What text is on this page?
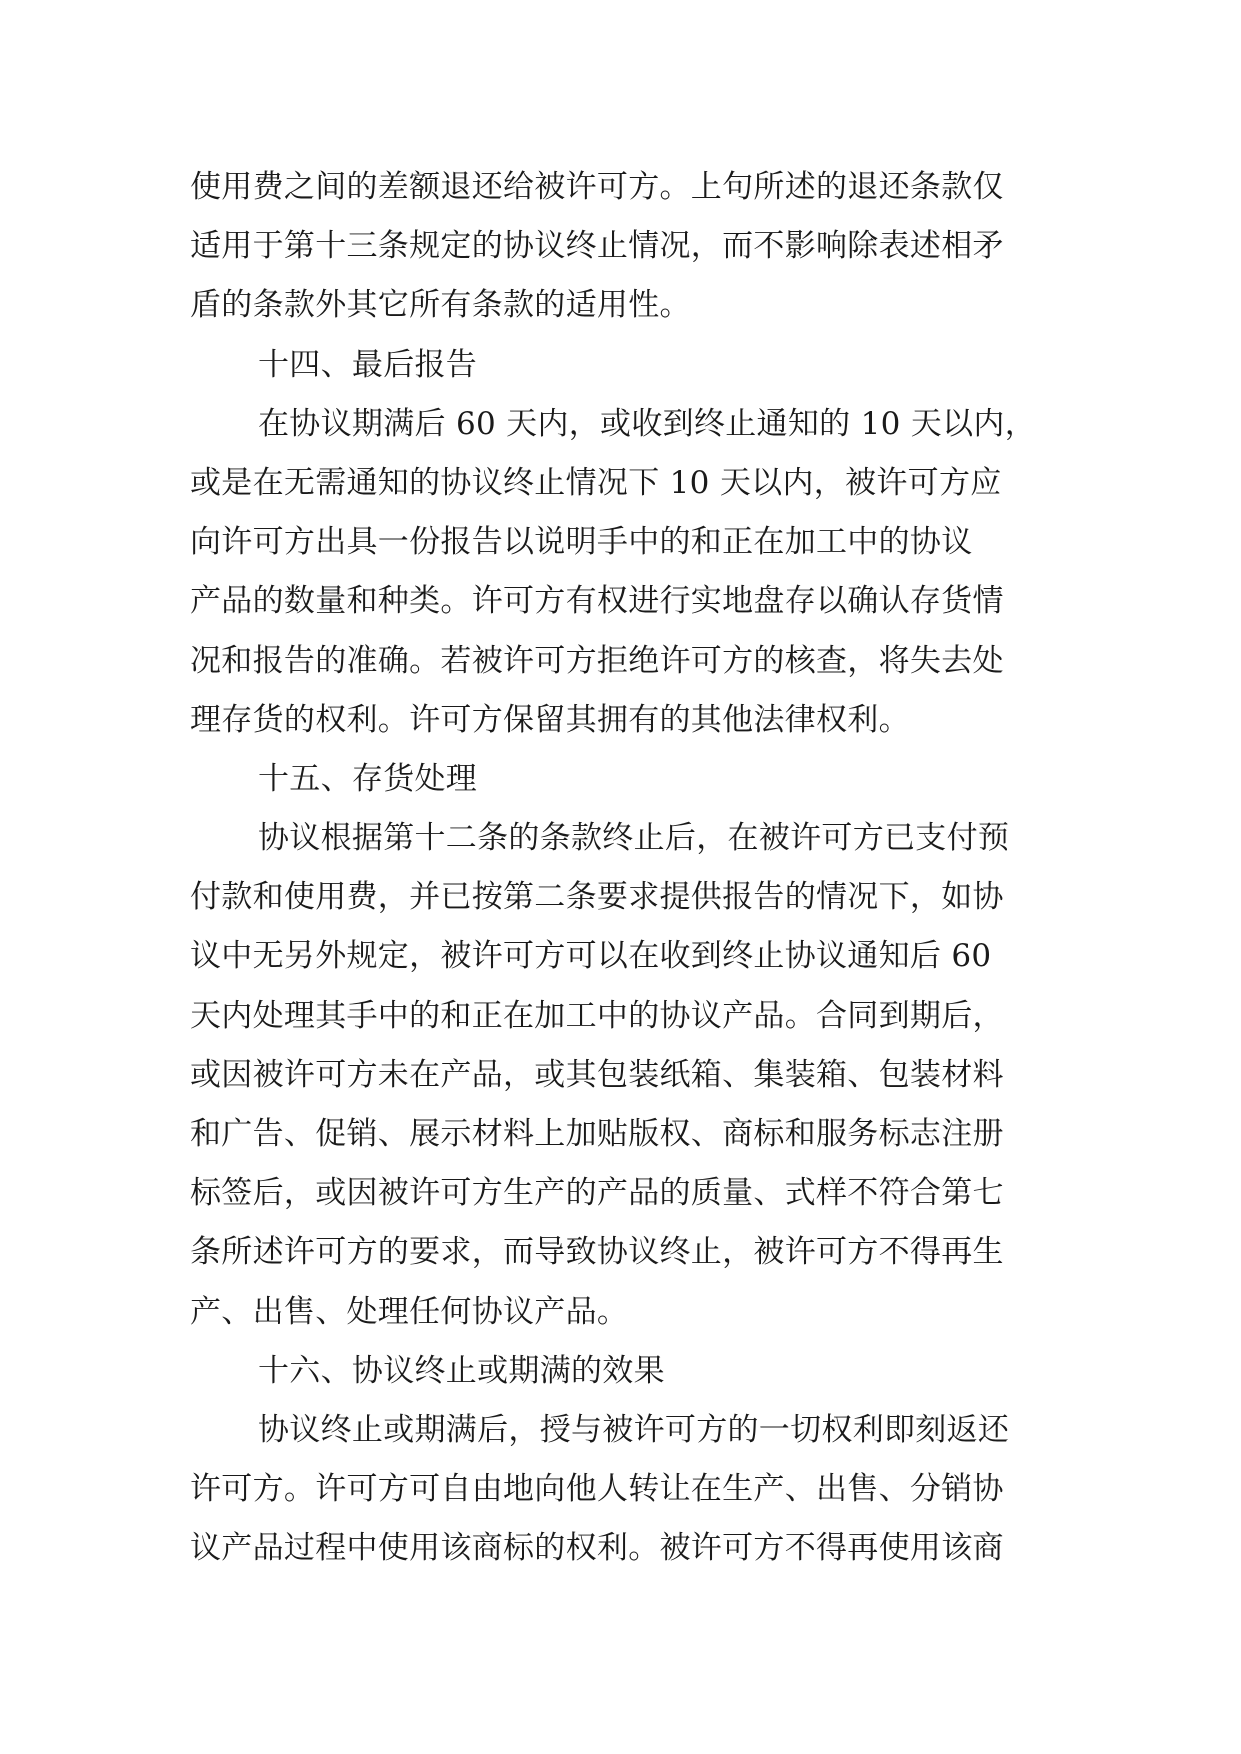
使用费之间的差额退还给被许可方。上句所述的退还条款仅
适用于第十三条规定的协议终止情况，而不影响除表述相矛
盾的条款外其它所有条款的适用性。
十四、最后报告
在协议期满后 60 天内，或收到终止通知的 10 天以内，
或是在无需通知的协议终止情况下 10 天以内，被许可方应
向许可方出具一份报告以说明手中的和正在加工中的协议
产品的数量和种类。许可方有权进行实地盘存以确认存货情
况和报告的准确。若被许可方拒绝许可方的核查，将失去处
理存货的权利。许可方保留其拥有的其他法律权利。
十五、存货处理
协议根据第十二条的条款终止后，在被许可方已支付预
付款和使用费，并已按第二条要求提供报告的情况下，如协
议中无另外规定，被许可方可以在收到终止协议通知后 60
天内处理其手中的和正在加工中的协议产品。合同到期后，
或因被许可方未在产品，或其包装纸箱、集装箱、包装材料
和广告、促销、展示材料上加贴版权、商标和服务标志注册
标签后，或因被许可方生产的产品的质量、式样不符合第七
条所述许可方的要求，而导致协议终止，被许可方不得再生
产、出售、处理任何协议产品。
十六、协议终止或期满的效果
协议终止或期满后，授与被许可方的一切权利即刻返还
许可方。许可方可自由地向他人转让在生产、出售、分销协
议产品过程中使用该商标的权利。被许可方不得再使用该商
